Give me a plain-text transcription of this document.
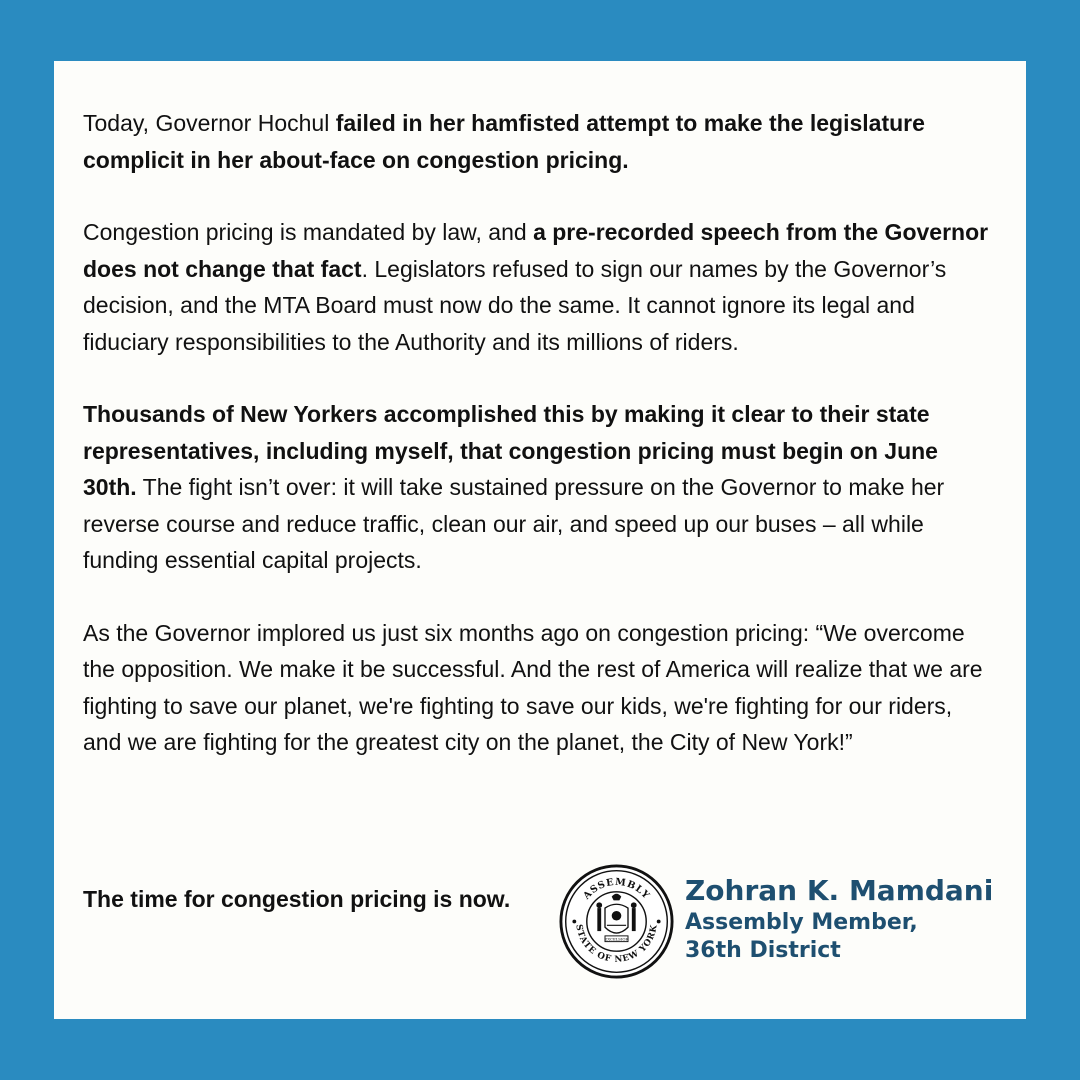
Today, Governor Hochul failed in her hamfisted attempt to make the legislature complicit in her about-face on congestion pricing.

Congestion pricing is mandated by law, and a pre-recorded speech from the Governor does not change that fact. Legislators refused to sign our names by the Governor’s decision, and the MTA Board must now do the same. It cannot ignore its legal and fiduciary responsibilities to the Authority and its millions of riders.

Thousands of New Yorkers accomplished this by making it clear to their state representatives, including myself, that congestion pricing must begin on June 30th. The fight isn’t over: it will take sustained pressure on the Governor to make her reverse course and reduce traffic, clean our air, and speed up our buses – all while funding essential capital projects.

As the Governor implored us just six months ago on congestion pricing: “We overcome the opposition. We make it be successful. And the rest of America will realize that we are fighting to save our planet, we're fighting to save our kids, we're fighting for our riders, and we are fighting for the greatest city on the planet, the City of New York!”

The time for congestion pricing is now.	ASSEMBLY
STATE OF NEW YORK
EXCELSIOR
Zohran K. Mamdani
Assembly Member,
36th District
